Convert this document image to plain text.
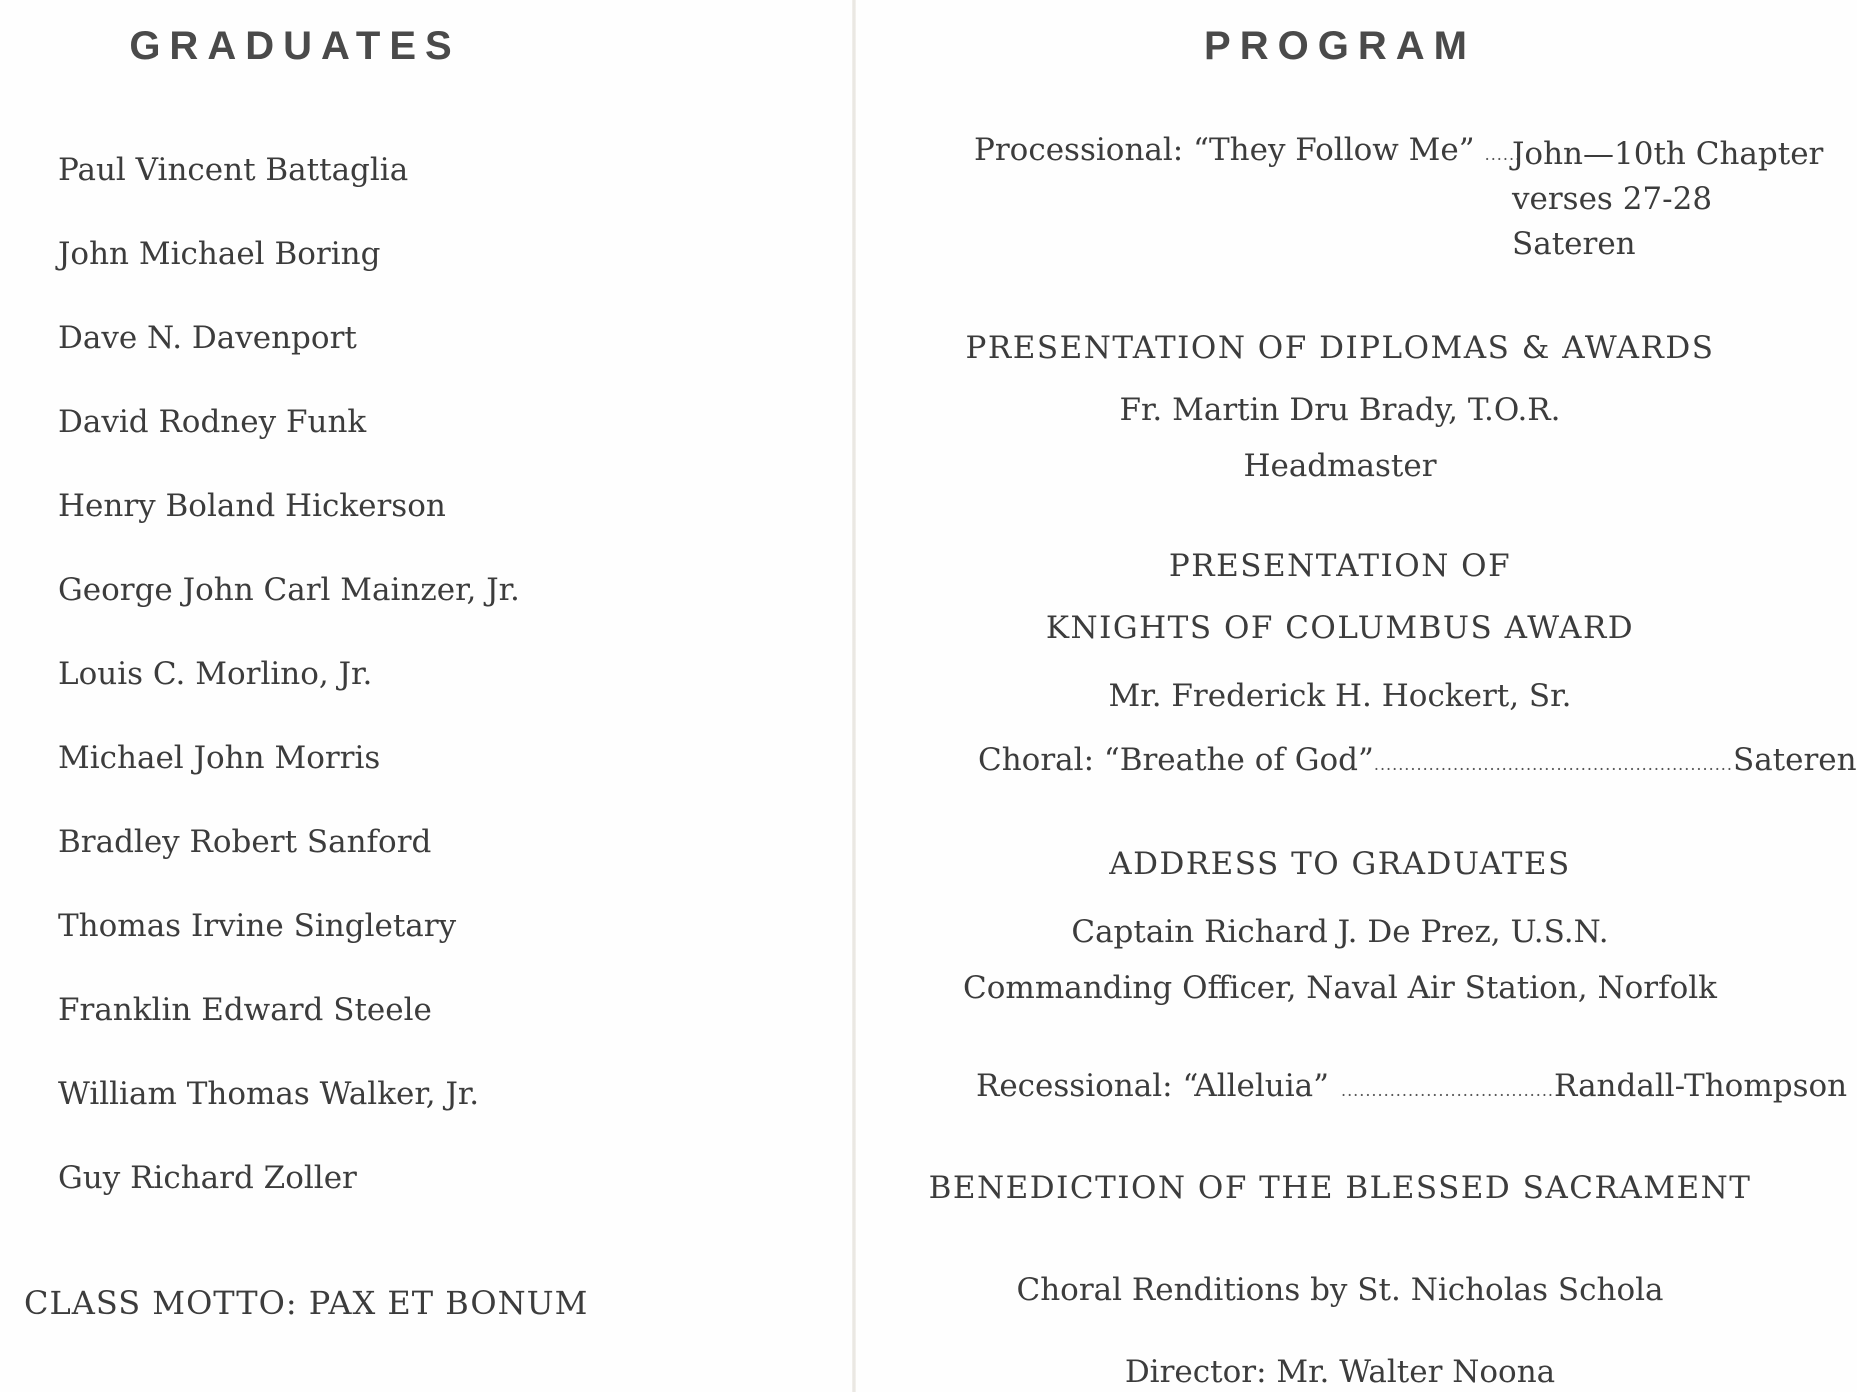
GRADUATES
Paul Vincent Battaglia
John Michael Boring
Dave N. Davenport
David Rodney Funk
Henry Boland Hickerson
George John Carl Mainzer, Jr.
Louis C. Morlino, Jr.
Michael John Morris
Bradley Robert Sanford
Thomas Irvine Singletary
Franklin Edward Steele
William Thomas Walker, Jr.
Guy Richard Zoller
CLASS MOTTO: PAX ET BONUM
PROGRAM
PRESENTATION OF DIPLOMAS & AWARDS
Fr. Martin Dru Brady, T.O.R.
Headmaster
PRESENTATION OF
KNIGHTS OF COLUMBUS AWARD
Mr. Frederick H. Hockert, Sr.
ADDRESS TO GRADUATES
Captain Richard J. De Prez, U.S.N.
Commanding Officer, Naval Air Station, Norfolk
BENEDICTION OF THE BLESSED SACRAMENT
Choral Renditions by St. Nicholas Schola
Director: Mr. Walter Noona
Processional: “They Follow Me” ......
John—10th Chapter
verses 27-28
Sateren
Choral: “Breathe of God” ........................................................... Sateren
Recessional: “Alleluia” ................................... Randall-Thompson
